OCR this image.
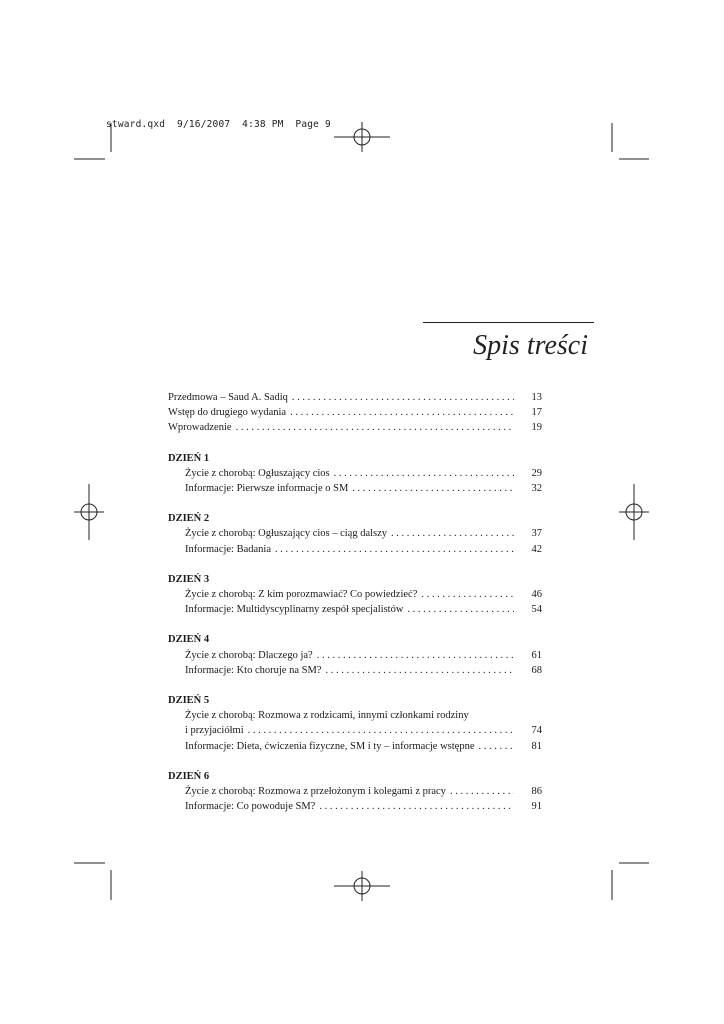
stward.qxd  9/16/2007  4:38 PM  Page 9
Spis treści
Przedmowa – Saud A. Sadiq . . .	13
Wstęp do drugiego wydania . . .	17
Wprowadzenie . . .	19
DZIEŃ 1
Życie z chorobą: Ogłuszający cios . . .	29
Informacje: Pierwsze informacje o SM . . .	32
DZIEŃ 2
Życie z chorobą: Ogłuszający cios – ciąg dalszy . . .	37
Informacje: Badania . . .	42
DZIEŃ 3
Życie z chorobą: Z kim porozmawiać? Co powiedzieć? . . .	46
Informacje: Multidyscyplinarny zespół specjalistów . . .	54
DZIEŃ 4
Życie z chorobą: Dlaczego ja? . . .	61
Informacje: Kto choruje na SM? . . .	68
DZIEŃ 5
Życie z chorobą: Rozmowa z rodzicami, innymi członkami rodziny
i przyjaciółmi . . .	74
Informacje: Dieta, ćwiczenia fizyczne, SM i ty – informacje wstępne . . .	81
DZIEŃ 6
Życie z chorobą: Rozmowa z przełożonym i kolegami z pracy . . .	86
Informacje: Co powoduje SM? . . .	91
